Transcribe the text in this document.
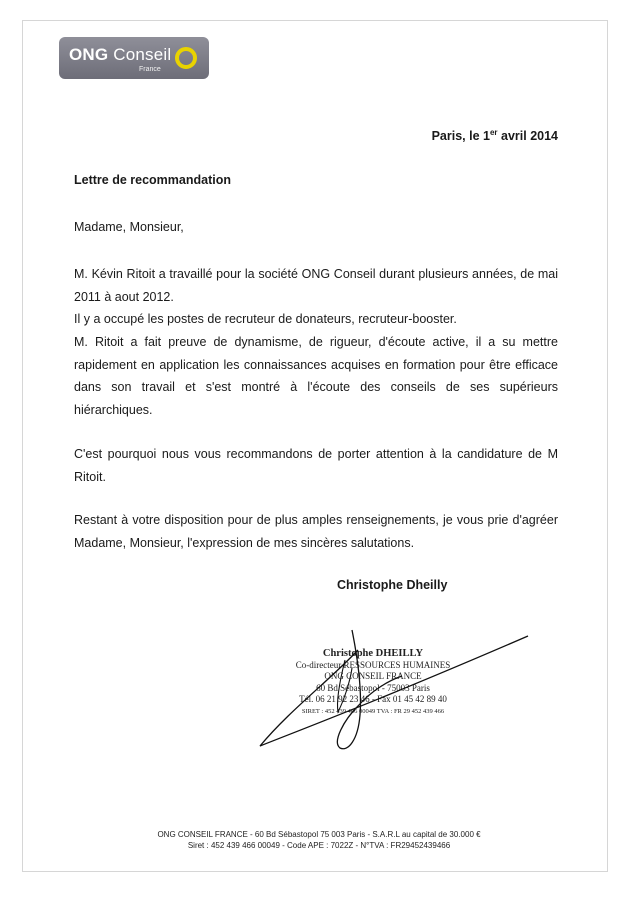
ONG Conseil
France
Paris, le 1er avril 2014
Lettre de recommandation

Madame, Monsieur,

M. Kévin Ritoit a travaillé pour la société ONG Conseil durant plusieurs années, de mai 2011 à aout 2012.

Il y a occupé les postes de recruteur de donateurs, recruteur-booster.

M. Ritoit a fait preuve de dynamisme, de rigueur, d'écoute active, il a su mettre rapidement en application les connaissances acquises en formation pour être efficace dans son travail et s'est montré à l'écoute des conseils de ses supérieurs hiérarchiques.

C'est pourquoi nous vous recommandons de porter attention à la candidature de M Ritoit.

Restant à votre disposition pour de plus amples renseignements, je vous prie d'agréer Madame, Monsieur, l'expression de mes sincères salutations.

Christophe Dheilly
Christophe DHEILLY
Co-directeur RESSOURCES HUMAINES
ONG CONSEIL FRANCE
60 Bd Sébastopol - 75003 Paris
Tél. 06 21 92 23 46 - Fax 01 45 42 89 40
SIRET : 452 439 466 00049 TVA : FR 29 452 439 466
ONG CONSEIL FRANCE - 60 Bd Sébastopol 75 003 Paris - S.A.R.L au capital de 30.000 €
Siret : 452 439 466 00049 - Code APE : 7022Z - N°TVA : FR29452439466
